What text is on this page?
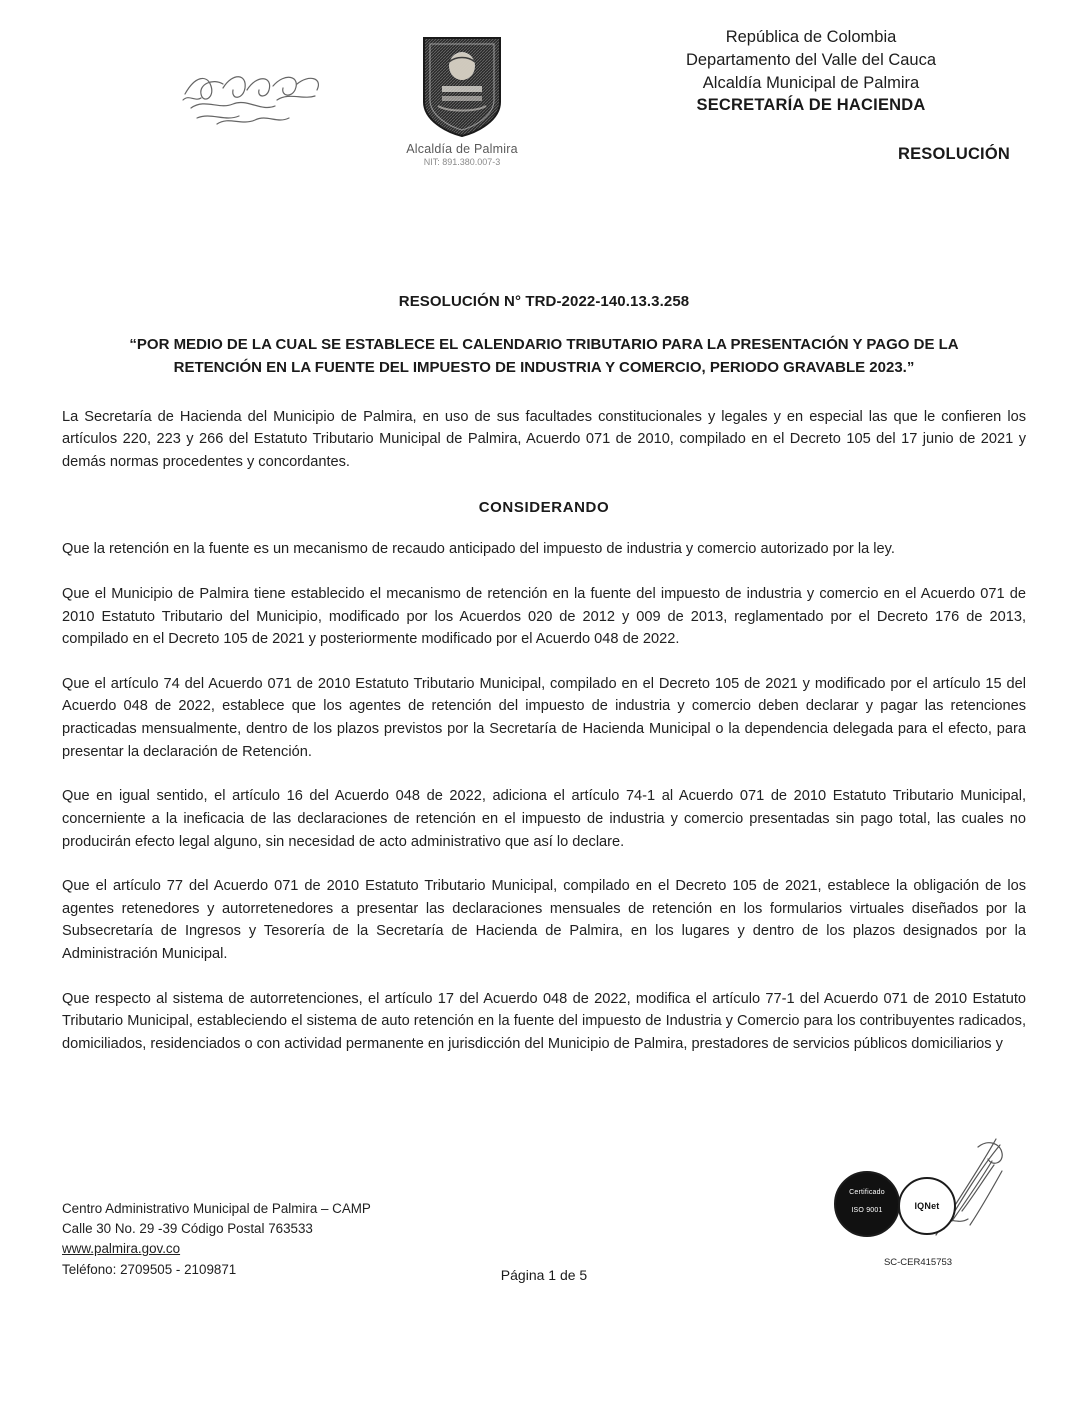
Alcaldía de Palmira
NIT: 891.380.007-3
República de Colombia
Departamento del Valle del Cauca
Alcaldía Municipal de Palmira
SECRETARÍA DE HACIENDA
RESOLUCIÓN
RESOLUCIÓN N° TRD-2022-140.13.3.258
“POR MEDIO DE LA CUAL SE ESTABLECE EL CALENDARIO TRIBUTARIO PARA LA PRESENTACIÓN Y PAGO DE LA RETENCIÓN EN LA FUENTE DEL IMPUESTO DE INDUSTRIA Y COMERCIO, PERIODO GRAVABLE 2023.”
La Secretaría de Hacienda del Municipio de Palmira, en uso de sus facultades constitucionales y legales y en especial las que le confieren los artículos 220, 223 y 266 del Estatuto Tributario Municipal de Palmira, Acuerdo 071 de 2010, compilado en el Decreto 105 del 17 junio de 2021 y demás normas procedentes y concordantes.
CONSIDERANDO
Que la retención en la fuente es un mecanismo de recaudo anticipado del impuesto de industria y comercio autorizado por la ley.
Que el Municipio de Palmira tiene establecido el mecanismo de retención en la fuente del impuesto de industria y comercio en el Acuerdo 071 de 2010 Estatuto Tributario del Municipio, modificado por los Acuerdos 020 de 2012 y 009 de 2013, reglamentado por el Decreto 176 de 2013, compilado en el Decreto 105 de 2021 y posteriormente modificado por el Acuerdo 048 de 2022.
Que el artículo 74 del Acuerdo 071 de 2010 Estatuto Tributario Municipal, compilado en el Decreto 105 de 2021 y modificado por el artículo 15 del Acuerdo 048 de 2022, establece que los agentes de retención del impuesto de industria y comercio deben declarar y pagar las retenciones practicadas mensualmente, dentro de los plazos previstos por la Secretaría de Hacienda Municipal o la dependencia delegada para el efecto, para presentar la declaración de Retención.
Que en igual sentido, el artículo 16 del Acuerdo 048 de 2022, adiciona el artículo 74-1 al Acuerdo 071 de 2010 Estatuto Tributario Municipal, concerniente a la ineficacia de las declaraciones de retención en el impuesto de industria y comercio presentadas sin pago total, las cuales no producirán efecto legal alguno, sin necesidad de acto administrativo que así lo declare.
Que el artículo 77 del Acuerdo 071 de 2010 Estatuto Tributario Municipal, compilado en el Decreto 105 de 2021, establece la obligación de los agentes retenedores y autorretenedores a presentar las declaraciones mensuales de retención en los formularios virtuales diseñados por la Subsecretaría de Ingresos y Tesorería de la Secretaría de Hacienda de Palmira, en los lugares y dentro de los plazos designados por la Administración Municipal.
Que respecto al sistema de autorretenciones, el artículo 17 del Acuerdo 048 de 2022, modifica el artículo 77-1 del Acuerdo 071 de 2010 Estatuto Tributario Municipal, estableciendo el sistema de auto retención en la fuente del impuesto de Industria y Comercio para los contribuyentes radicados, domiciliados, residenciados o con actividad permanente en jurisdicción del Municipio de Palmira, prestadores de servicios públicos domiciliarios y
Centro Administrativo Municipal de Palmira – CAMP
Calle 30 No. 29 -39 Código Postal 763533
www.palmira.gov.co
Teléfono: 2709505 - 2109871	Página 1 de 5
Certificado
ISO 9001	IQNet
SC-CER415753
